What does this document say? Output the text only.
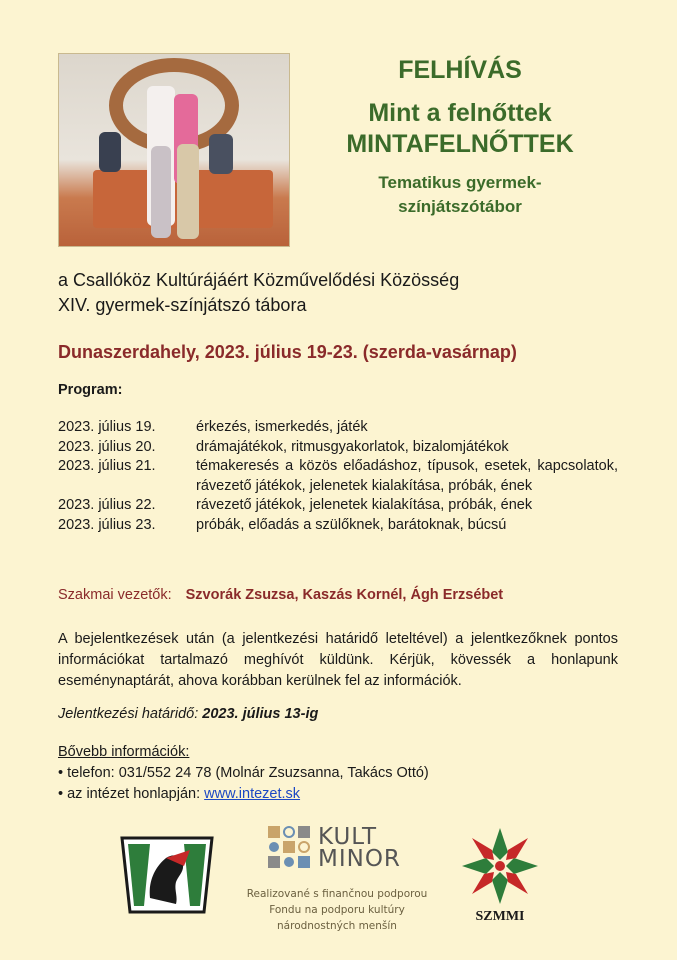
FELHÍVÁS
Mint a felnőttek
MINTAFELNŐTTEK
Tematikus gyermek-
színjátszótábor
a Csallóköz Kultúrájáért Közművelődési Közösség
XIV. gyermek-színjátszó tábora
Dunaszerdahely, 2023. július 19-23. (szerda-vasárnap)
Program:
2023. július 19.	érkezés, ismerkedés, játék
2023. július 20.	drámajátékok, ritmusgyakorlatok, bizalomjátékok
2023. július 21.	témakeresés a közös előadáshoz, típusok, esetek, kapcsolatok, rávezető játékok, jelenetek kialakítása, próbák, ének
2023. július 22.	rávezető játékok, jelenetek kialakítása, próbák, ének
2023. július 23.	próbák, előadás a szülőknek, barátoknak, búcsú
Szakmai vezetők: Szvorák Zsuzsa, Kaszás Kornél, Ágh Erzsébet
A bejelentkezések után (a jelentkezési határidő leteltével) a jelentkezőknek pontos információkat tartalmazó meghívót küldünk. Kérjük, kövessék a honlapunk eseménynaptárát, ahova korábban kerülnek fel az információk.
Jelentkezési határidő: 2023. július 13-ig
Bővebb információk:
• telefon: 031/552 24 78 (Molnár Zsuzsanna, Takács Ottó)
• az intézet honlapján: www.intezet.sk
KULT
MINOR
Realizované s finančnou podporou
Fondu na podporu kultúry
národnostných menšín
SZMMI
